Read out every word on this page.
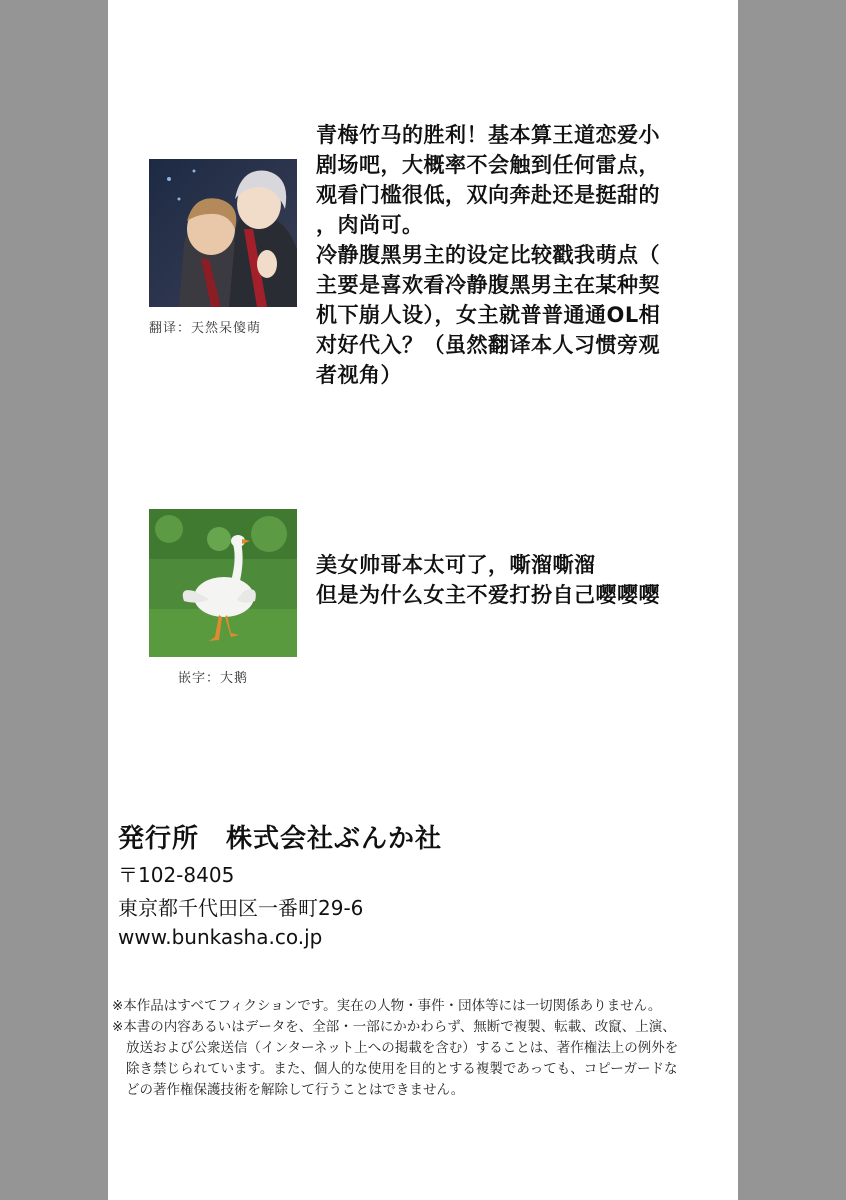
翻译：天然呆傻萌
青梅竹马的胜利！基本算王道恋爱小
剧场吧，大概率不会触到任何雷点，
观看门槛很低，双向奔赴还是挺甜的
，肉尚可。
冷静腹黑男主的设定比较戳我萌点（
主要是喜欢看冷静腹黑男主在某种契
机下崩人设），女主就普普通通OL相
对好代入？（虽然翻译本人习惯旁观
者视角）
嵌字：大鹅
美女帅哥本太可了，嘶溜嘶溜
但是为什么女主不爱打扮自己嘤嘤嘤
発行所　株式会社ぶんか社
〒102-8405
東京都千代田区一番町29-6
www.bunkasha.co.jp
※本作品はすべてフィクションです。実在の人物・事件・団体等には一切関係ありません。
※本書の内容あるいはデータを、全部・一部にかかわらず、無断で複製、転載、改竄、上演、
放送および公衆送信（インターネット上への掲載を含む）することは、著作権法上の例外を
除き禁じられています。また、個人的な使用を目的とする複製であっても、コピーガードな
どの著作権保護技術を解除して行うことはできません。
